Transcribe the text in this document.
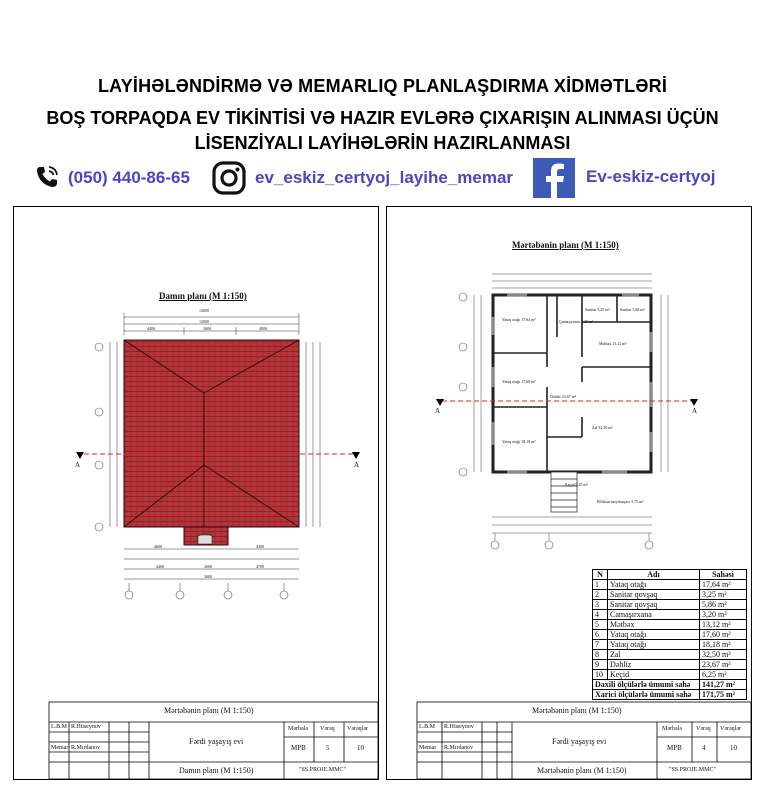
LAYİHƏLƏNDİRMƏ VƏ MEMARLIQ PLANLAŞDIRMA XİDMƏTLƏRİ
BOŞ TORPAQDA EV TİKİNTİSİ VƏ HAZIR EVLƏRƏ ÇIXARIŞIN ALINMASI ÜÇÜN
LİSENZİYALI LAYİHƏLƏRİN HAZIRLANMASI
(050) 440-86-65	ev_eskiz_certyoj_layihe_memar	Ev-eskiz-certyoj
Damın planı (M 1:150)
13600
12000
4400	3600	4000
4600	4300
4400	2600	4700
3600
A	A
Mərtəbənin planı (M 1:150)
L.B.M R.Hüseynov
Memar R.Mırdanov
Fərdi yaşayış evi
Mərhələ Vərəq Vərəqlər
MPB	5	10
Damın planı (M 1:150)	"SS.PROJE.MMC"
Mərtəbənin planı (M 1:150)
Yataq otağı 17,64 m²
Yataq otağı 17,60 m²
Yataq otağı 18,18 m²
Zal 32,50 m²
Dəhliz 23,67 m²
Mətbəx 13,12 m²
Keçid 6,25 m²
Sanitar 3,25 m²	Sanitar 5,86 m²
Çamaşırxana 3,20 m²
Pilləkən meydançası 3,75 m²
A	A
N	Adı	Sahəsi
1	Yataq otağı	17,64 m²
2	Sanitar qovşaq	3,25 m²
3	Sanitar qovşaq	5,86 m²
4	Camaşırxana	3,20 m²
5	Mətbəx	13,12 m²
6	Yataq otağı	17,60 m²
7	Yataq otağı	18,18 m²
8	Zal	32,50 m²
9	Dəhliz	23,67 m²
10	Keçid	6,25 m²
Daxili ölçülərlə ümumi sahə		141,27 m²
Xarici ölçülərlə ümumi sahə		171,75 m²
Mərtəbənin planı (M 1:150)
L.B.M R.Hüseynov
Memar R.Mırdanov
Fərdi yaşayış evi
Mərhələ Vərəq Vərəqlər
MPB	4	10
Mərtəbənin planı (M 1:150)	"SS.PROJE.MMC"
